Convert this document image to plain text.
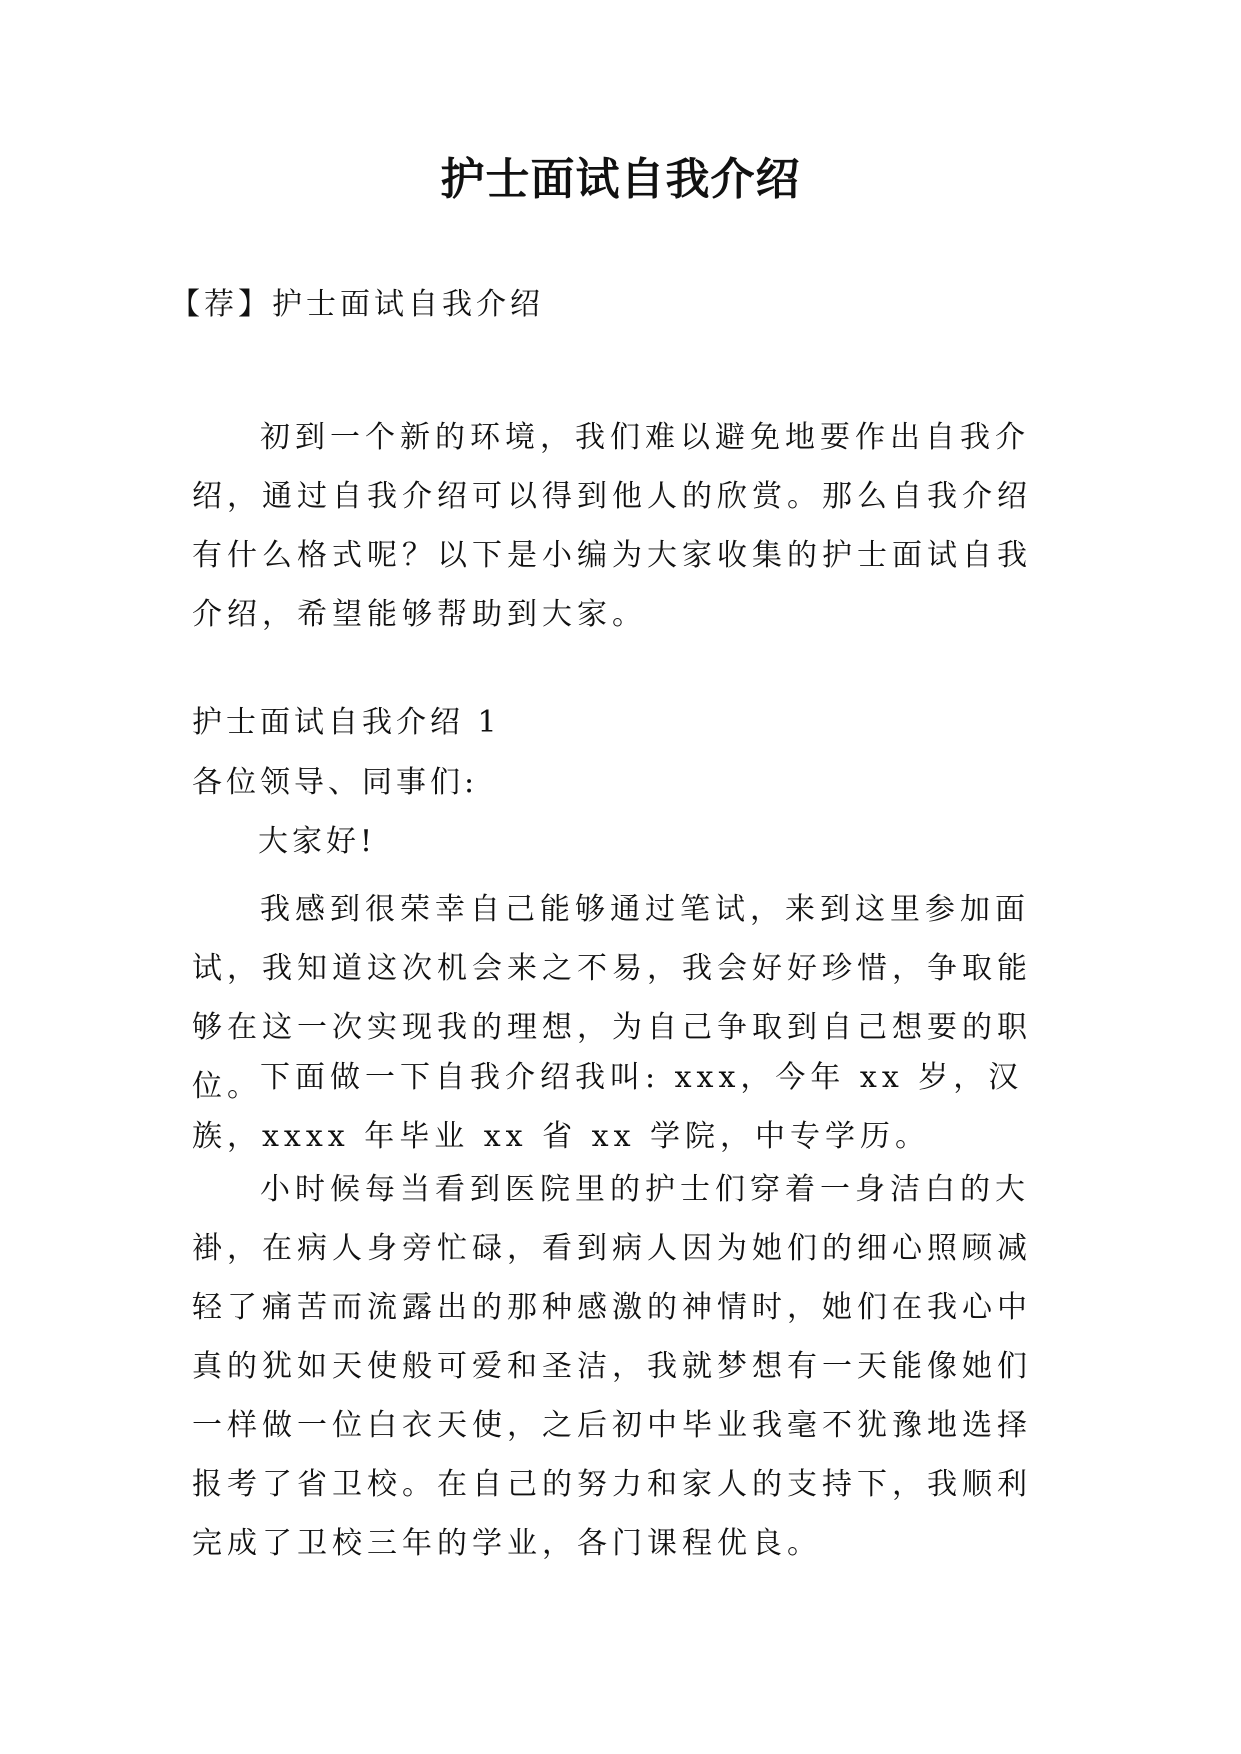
护士面试自我介绍
【荐】护士面试自我介绍

初到一个新的环境，我们难以避免地要作出自我介绍，通过自我介绍可以得到他人的欣赏。那么自我介绍有什么格式呢？以下是小编为大家收集的护士面试自我介绍，希望能够帮助到大家。

护士面试自我介绍 1
各位领导、同事们:
大家好!

我感到很荣幸自己能够通过笔试，来到这里参加面试，我知道这次机会来之不易，我会好好珍惜，争取能够在这一次实现我的理想，为自己争取到自己想要的职位。

下面做一下自我介绍我叫: xxx，今年 xx 岁，汉族，xxxx 年毕业 xx 省 xx 学院，中专学历。

小时候每当看到医院里的护士们穿着一身洁白的大褂，在病人身旁忙碌，看到病人因为她们的细心照顾减轻了痛苦而流露出的那种感激的神情时，她们在我心中真的犹如天使般可爱和圣洁，我就梦想有一天能像她们一样做一位白衣天使，之后初中毕业我毫不犹豫地选择报考了省卫校。在自己的努力和家人的支持下，我顺利完成了卫校三年的学业，各门课程优良。
